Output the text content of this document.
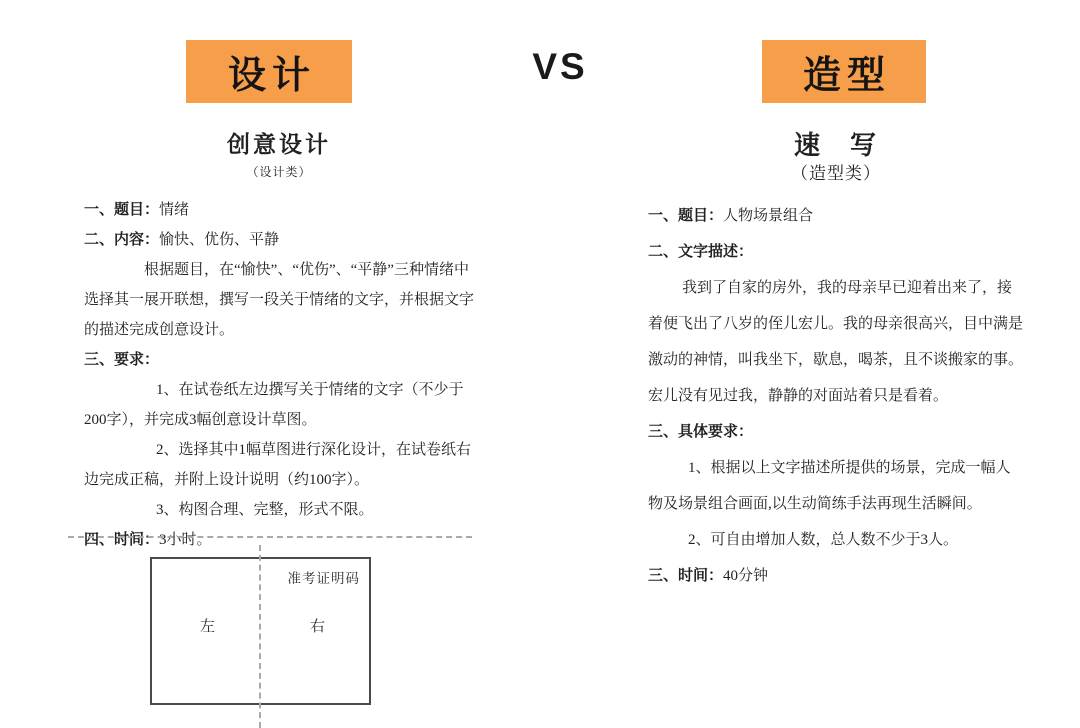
设计	VS	造型
创意设计
（设计类）
一、题目：情绪
二、内容：愉快、优伤、平静

根据题目，在“愉快”、“优伤”、“平静”三种情绪中选择其一展开联想，撰写一段关于情绪的文字，并根据文字的描述完成创意设计。

三、要求：

1、在试卷纸左边撰写关于情绪的文字（不少于200字），并完成3幅创意设计草图。

2、选择其中1幅草图进行深化设计，在试卷纸右边完成正稿，并附上设计说明（约100字）。

3、构图合理、完整，形式不限。

四、时间：3小时。
准考证明码
左	右
速　写
（造型类）
一、题目：人物场景组合
二、文字描述：

我到了自家的房外，我的母亲早已迎着出来了，接着便飞出了八岁的侄儿宏儿。我的母亲很高兴，目中满是激动的神情，叫我坐下，歇息，喝茶，且不谈搬家的事。宏儿没有见过我，静静的对面站着只是看着。

三、具体要求：

1、根据以上文字描述所提供的场景，完成一幅人物及场景组合画面,以生动简练手法再现生活瞬间。

2、可自由增加人数，总人数不少于3人。

三、时间：40分钟
